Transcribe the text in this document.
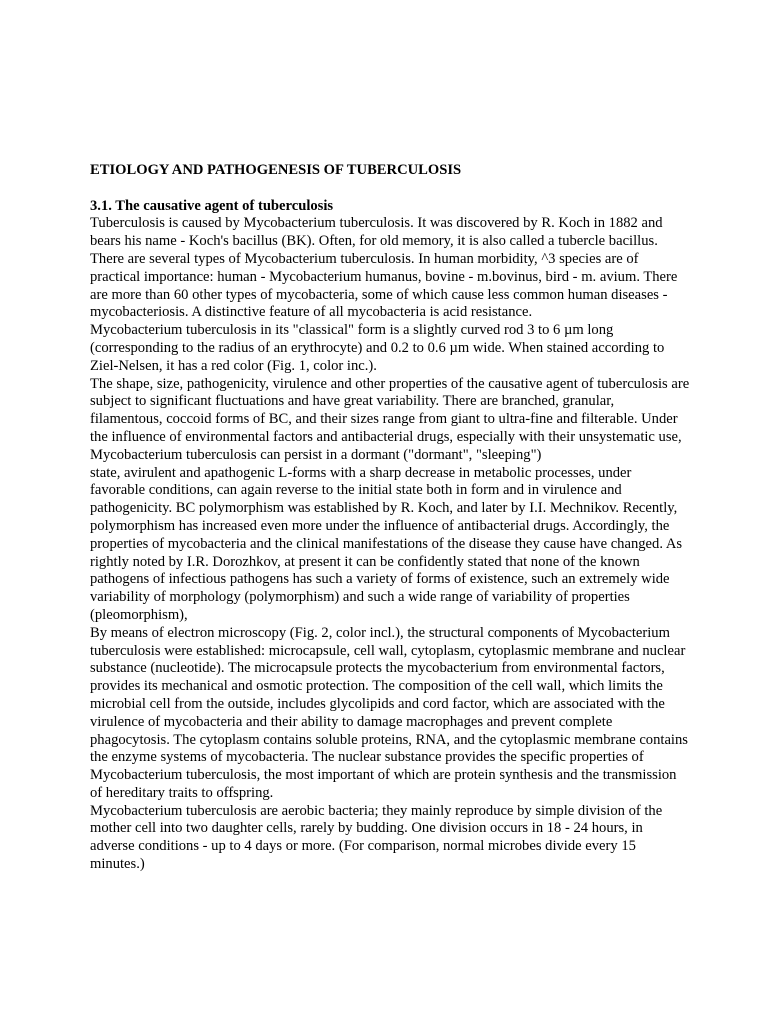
ETIOLOGY AND PATHOGENESIS OF TUBERCULOSIS

3.1. The causative agent of tuberculosis

Tuberculosis is caused by Mycobacterium tuberculosis. It was discovered by R. Koch in 1882 and bears his name - Koch's bacillus (BK). Often, for old memory, it is also called a tubercle bacillus.

There are several types of Mycobacterium tuberculosis. In human morbidity, ^3 species are of practical importance: human - Mycobacterium humanus, bovine - m.bovinus, bird - m. avium. There are more than 60 other types of mycobacteria, some of which cause less common human diseases - mycobacteriosis. A distinctive feature of all mycobacteria is acid resistance.

Mycobacterium tuberculosis in its "classical" form is a slightly curved rod 3 to 6 µm long (corresponding to the radius of an erythrocyte) and 0.2 to 0.6 µm wide. When stained according to Ziel-Nelsen, it has a red color (Fig. 1, color inc.).

The shape, size, pathogenicity, virulence and other properties of the causative agent of tuberculosis are subject to significant fluctuations and have great variability. There are branched, granular, filamentous, coccoid forms of BC, and their sizes range from giant to ultra-fine and filterable. Under the influence of environmental factors and antibacterial drugs, especially with their unsystematic use, Mycobacterium tuberculosis can persist in a dormant ("dormant", "sleeping")

state, avirulent and apathogenic L-forms with a sharp decrease in metabolic processes, under favorable conditions, can again reverse to the initial state both in form and in virulence and pathogenicity. BC polymorphism was established by R. Koch, and later by I.I. Mechnikov. Recently, polymorphism has increased even more under the influence of antibacterial drugs. Accordingly, the properties of mycobacteria and the clinical manifestations of the disease they cause have changed. As rightly noted by I.R. Dorozhkov, at present it can be confidently stated that none of the known pathogens of infectious pathogens has such a variety of forms of existence, such an extremely wide variability of morphology (polymorphism) and such a wide range of variability of properties (pleomorphism),

By means of electron microscopy (Fig. 2, color incl.), the structural components of Mycobacterium tuberculosis were established: microcapsule, cell wall, cytoplasm, cytoplasmic membrane and nuclear substance (nucleotide). The microcapsule protects the mycobacterium from environmental factors, provides its mechanical and osmotic protection. The composition of the cell wall, which limits the microbial cell from the outside, includes glycolipids and cord factor, which are associated with the virulence of mycobacteria and their ability to damage macrophages and prevent complete phagocytosis. The cytoplasm contains soluble proteins, RNA, and the cytoplasmic membrane contains the enzyme systems of mycobacteria. The nuclear substance provides the specific properties of Mycobacterium tuberculosis, the most important of which are protein synthesis and the transmission of hereditary traits to offspring.

Mycobacterium tuberculosis are aerobic bacteria; they mainly reproduce by simple division of the mother cell into two daughter cells, rarely by budding. One division occurs in 18 - 24 hours, in adverse conditions - up to 4 days or more. (For comparison, normal microbes divide every 15 minutes.)
